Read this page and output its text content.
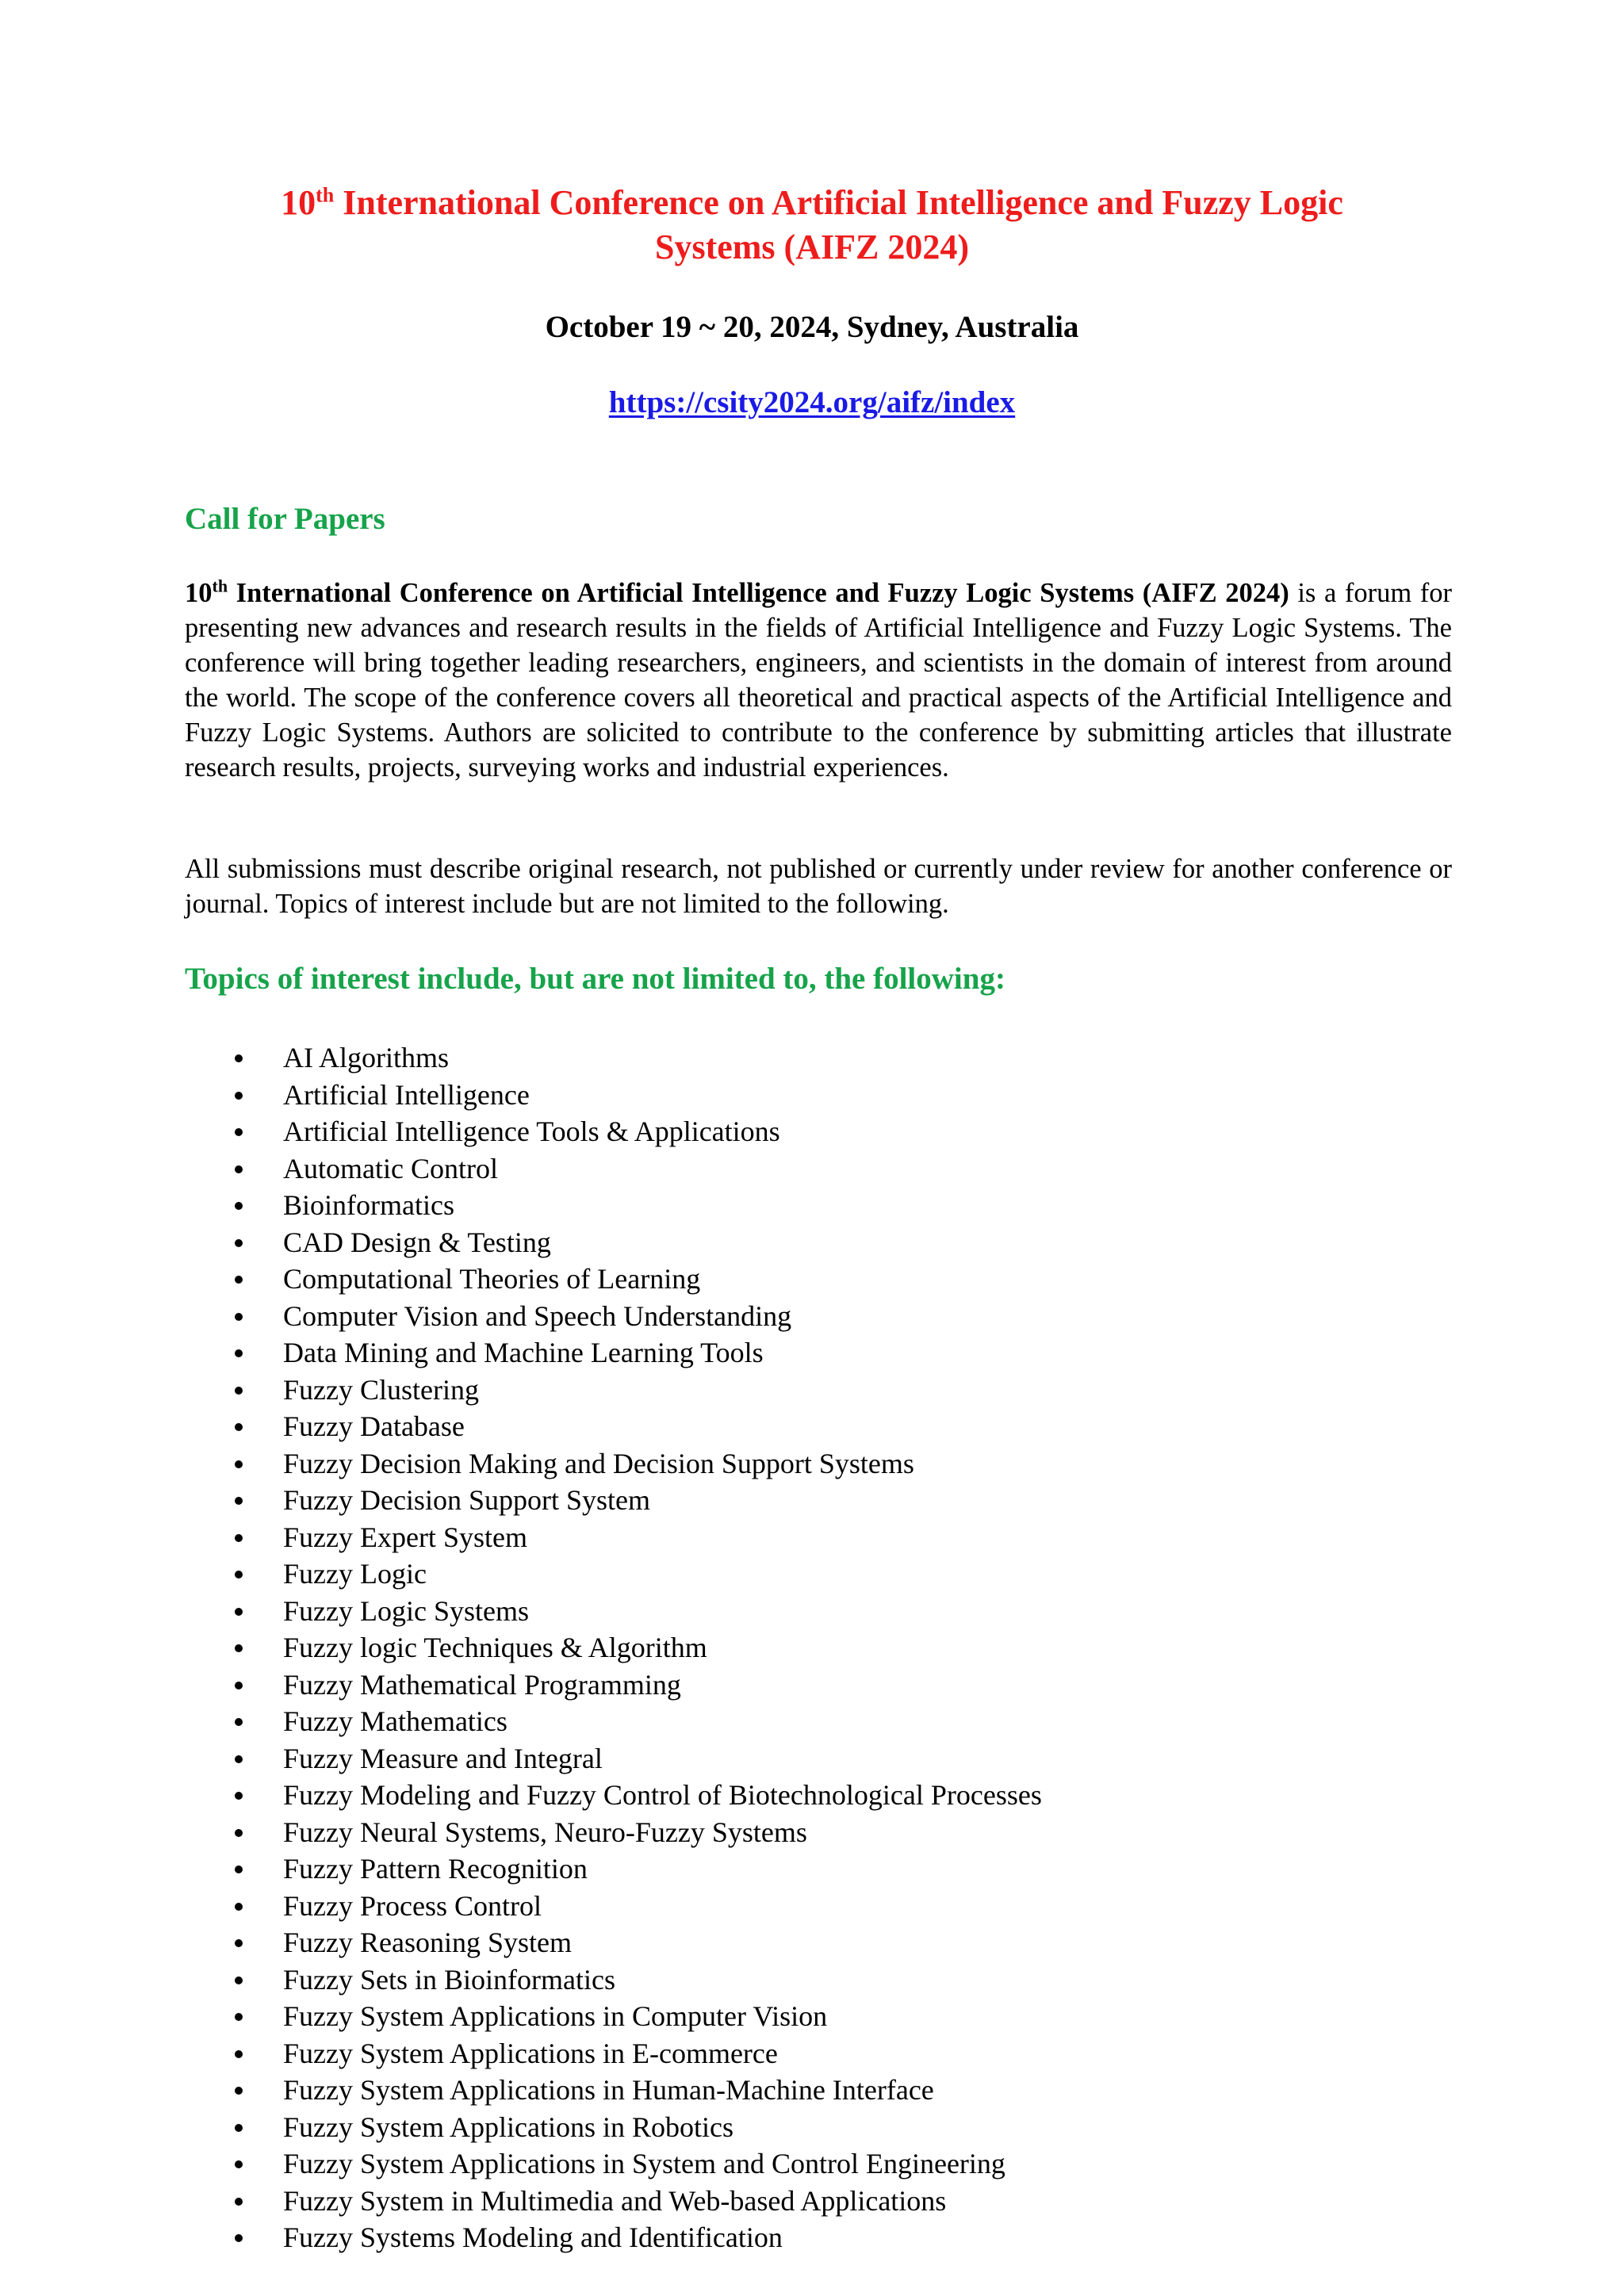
10th International Conference on Artificial Intelligence and Fuzzy Logic
Systems (AIFZ 2024)
October 19 ~ 20, 2024, Sydney, Australia
https://csity2024.org/aifz/index
Call for Papers

10th International Conference on Artificial Intelligence and Fuzzy Logic Systems (AIFZ 2024) is a forum for presenting new advances and research results in the fields of Artificial Intelligence and Fuzzy Logic Systems. The conference will bring together leading researchers, engineers, and scientists in the domain of interest from around the world. The scope of the conference covers all theoretical and practical aspects of the Artificial Intelligence and Fuzzy Logic Systems. Authors are solicited to contribute to the conference by submitting articles that illustrate research results, projects, surveying works and industrial experiences.

All submissions must describe original research, not published or currently under review for another conference or journal. Topics of interest include but are not limited to the following.

Topics of interest include, but are not limited to, the following:
AI Algorithms
Artificial Intelligence
Artificial Intelligence Tools & Applications
Automatic Control
Bioinformatics
CAD Design & Testing
Computational Theories of Learning
Computer Vision and Speech Understanding
Data Mining and Machine Learning Tools
Fuzzy Clustering
Fuzzy Database
Fuzzy Decision Making and Decision Support Systems
Fuzzy Decision Support System
Fuzzy Expert System
Fuzzy Logic
Fuzzy Logic Systems
Fuzzy logic Techniques & Algorithm
Fuzzy Mathematical Programming
Fuzzy Mathematics
Fuzzy Measure and Integral
Fuzzy Modeling and Fuzzy Control of Biotechnological Processes
Fuzzy Neural Systems, Neuro-Fuzzy Systems
Fuzzy Pattern Recognition
Fuzzy Process Control
Fuzzy Reasoning System
Fuzzy Sets in Bioinformatics
Fuzzy System Applications in Computer Vision
Fuzzy System Applications in E-commerce
Fuzzy System Applications in Human-Machine Interface
Fuzzy System Applications in Robotics
Fuzzy System Applications in System and Control Engineering
Fuzzy System in Multimedia and Web-based Applications
Fuzzy Systems Modeling and Identification
